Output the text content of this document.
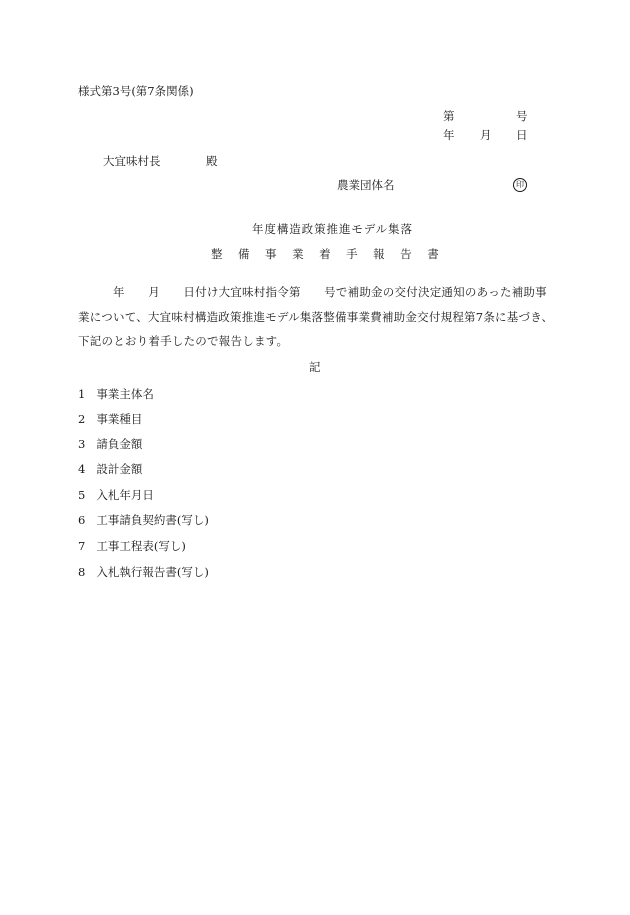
様式第3号(第7条関係)
第	号
年 月 日
大宜味村長	殿
農業団体名	印
年度構造政策推進モデル集落
整備事業着手報告書
年　　月　　日付け大宜味村指令第　　号で補助金の交付決定通知のあった補助事
業について、大宜味村構造政策推進モデル集落整備事業費補助金交付規程第7条に基づき、
下記のとおり着手したので報告します。
記
1 事業主体名
2 事業種目
3 請負金額
4 設計金額
5 入札年月日
6 工事請負契約書(写し)
7 工事工程表(写し)
8 入札執行報告書(写し)
